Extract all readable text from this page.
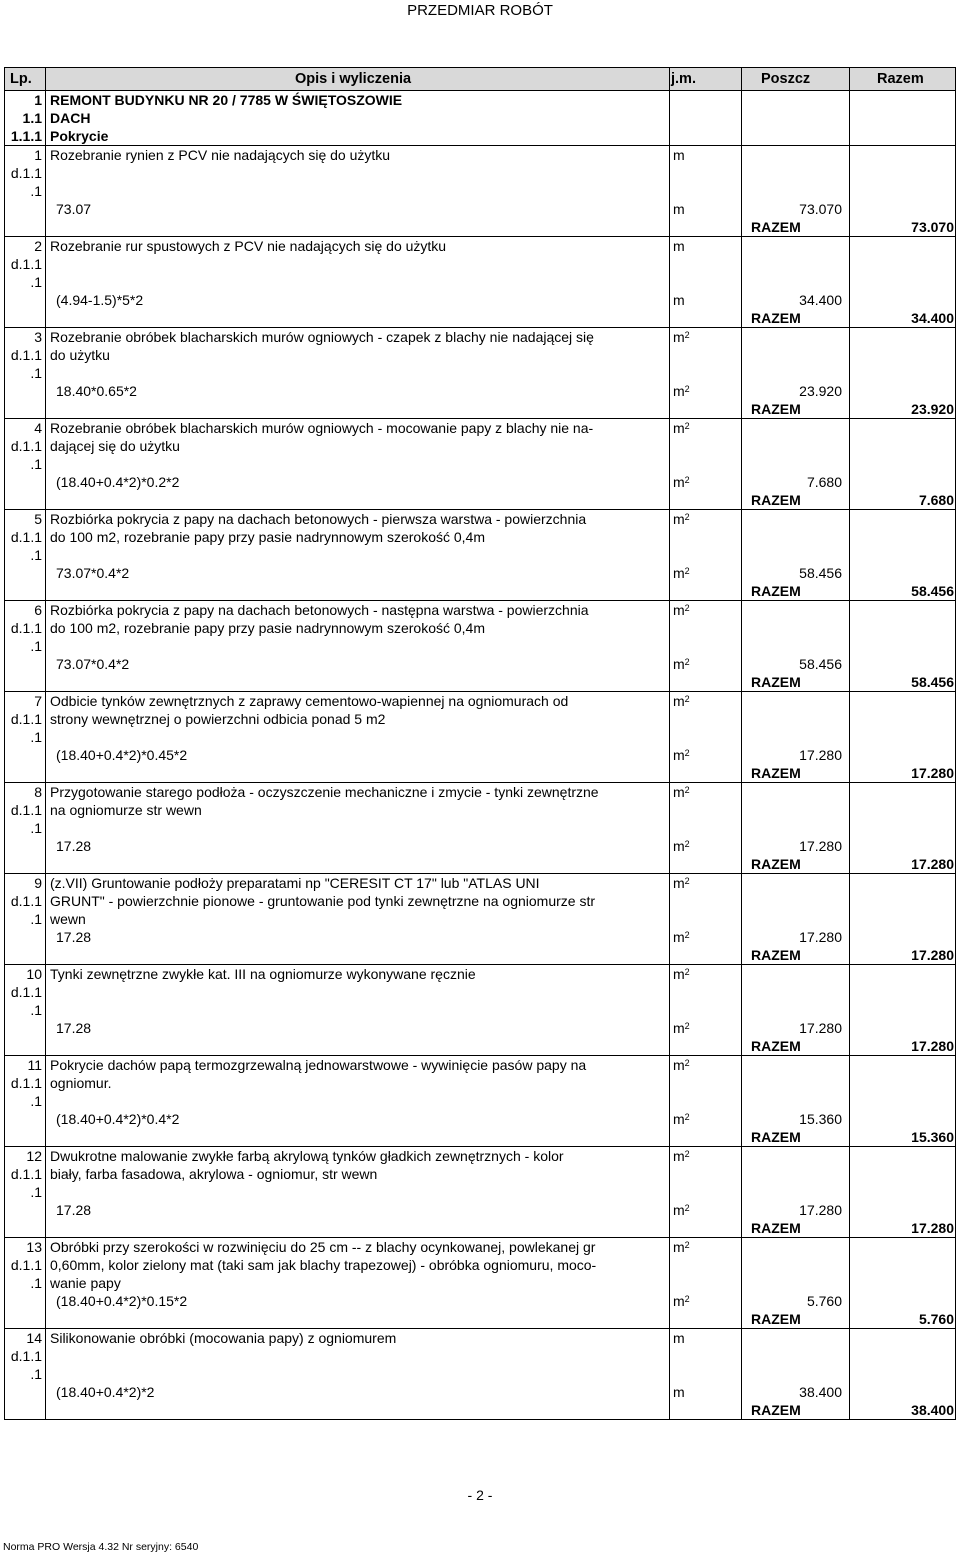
PRZEDMIAR ROBÓT
Lp.	Opis i wyliczenia	j.m.	Poszcz	Razem
1 REMONT BUDYNKU NR 20 / 7785 W ŚWIĘTOSZOWIE
1.1 DACH
1.1.1 Pokrycie
1 Rozebranie rynien z PCV nie nadających się do użytku	m
d.1.1
.1
73.07	m	73.070
RAZEM	73.070
2 Rozebranie rur spustowych z PCV nie nadających się do użytku	m
d.1.1
.1
(4.94-1.5)*5*2	m	34.400
RAZEM	34.400
3 Rozebranie obróbek blacharskich murów ogniowych - czapek z blachy nie nadającej się	$m^2$
d.1.1 do użytku
.1
18.40*0.65*2	$m^2$	23.920
RAZEM	23.920
4 Rozebranie obróbek blacharskich murów ogniowych - mocowanie papy z blachy nie na-	$m^2$
d.1.1 dającej się do użytku
.1
(18.40+0.4*2)*0.2*2	$m^2$	7.680
RAZEM	7.680
5 Rozbiórka pokrycia z papy na dachach betonowych - pierwsza warstwa - powierzchnia	$m^2$
d.1.1 do 100 m2, rozebranie papy przy pasie nadrynnowym szerokość 0,4m
.1
73.07*0.4*2	$m^2$	58.456
RAZEM	58.456
6 Rozbiórka pokrycia z papy na dachach betonowych - następna warstwa - powierzchnia	$m^2$
d.1.1 do 100 m2, rozebranie papy przy pasie nadrynnowym szerokość 0,4m
.1
73.07*0.4*2	$m^2$	58.456
RAZEM	58.456
7 Odbicie tynków zewnętrznych z zaprawy cementowo-wapiennej na ogniomurach od	$m^2$
d.1.1 strony wewnętrznej o powierzchni odbicia ponad 5 m2
.1
(18.40+0.4*2)*0.45*2	$m^2$	17.280
RAZEM	17.280
8 Przygotowanie starego podłoża - oczyszczenie mechaniczne i zmycie - tynki zewnętrzne	$m^2$
d.1.1 na ogniomurze str wewn
.1
17.28	$m^2$	17.280
RAZEM	17.280
9 (z.VII) Gruntowanie podłoży preparatami np "CERESIT CT 17" lub "ATLAS UNI	$m^2$
d.1.1 GRUNT" - powierzchnie pionowe - gruntowanie pod tynki zewnętrzne na ogniomurze str
.1 wewn
17.28	$m^2$	17.280
RAZEM	17.280
10 Tynki zewnętrzne zwykłe kat. III na ogniomurze wykonywane ręcznie	$m^2$
d.1.1
.1
17.28	$m^2$	17.280
RAZEM	17.280
11 Pokrycie dachów papą termozgrzewalną jednowarstwowe - wywinięcie pasów papy na	$m^2$
d.1.1 ogniomur.
.1
(18.40+0.4*2)*0.4*2	$m^2$	15.360
RAZEM	15.360
12 Dwukrotne malowanie zwykłe farbą akrylową tynków gładkich zewnętrznych - kolor	$m^2$
d.1.1 biały, farba fasadowa, akrylowa - ogniomur, str wewn
.1
17.28	$m^2$	17.280
RAZEM	17.280
13 Obróbki przy szerokości w rozwinięciu do 25 cm -- z blachy ocynkowanej, powlekanej gr	$m^2$
d.1.1 0,60mm, kolor zielony mat (taki sam jak blachy trapezowej) - obróbka ogniomuru, moco-
.1 wanie papy
(18.40+0.4*2)*0.15*2	$m^2$	5.760
RAZEM	5.760
14 Silikonowanie obróbki (mocowania papy) z ogniomurem	m
d.1.1
.1
(18.40+0.4*2)*2	m	38.400
RAZEM	38.400
- 2 -
Norma PRO Wersja 4.32 Nr seryjny: 6540
